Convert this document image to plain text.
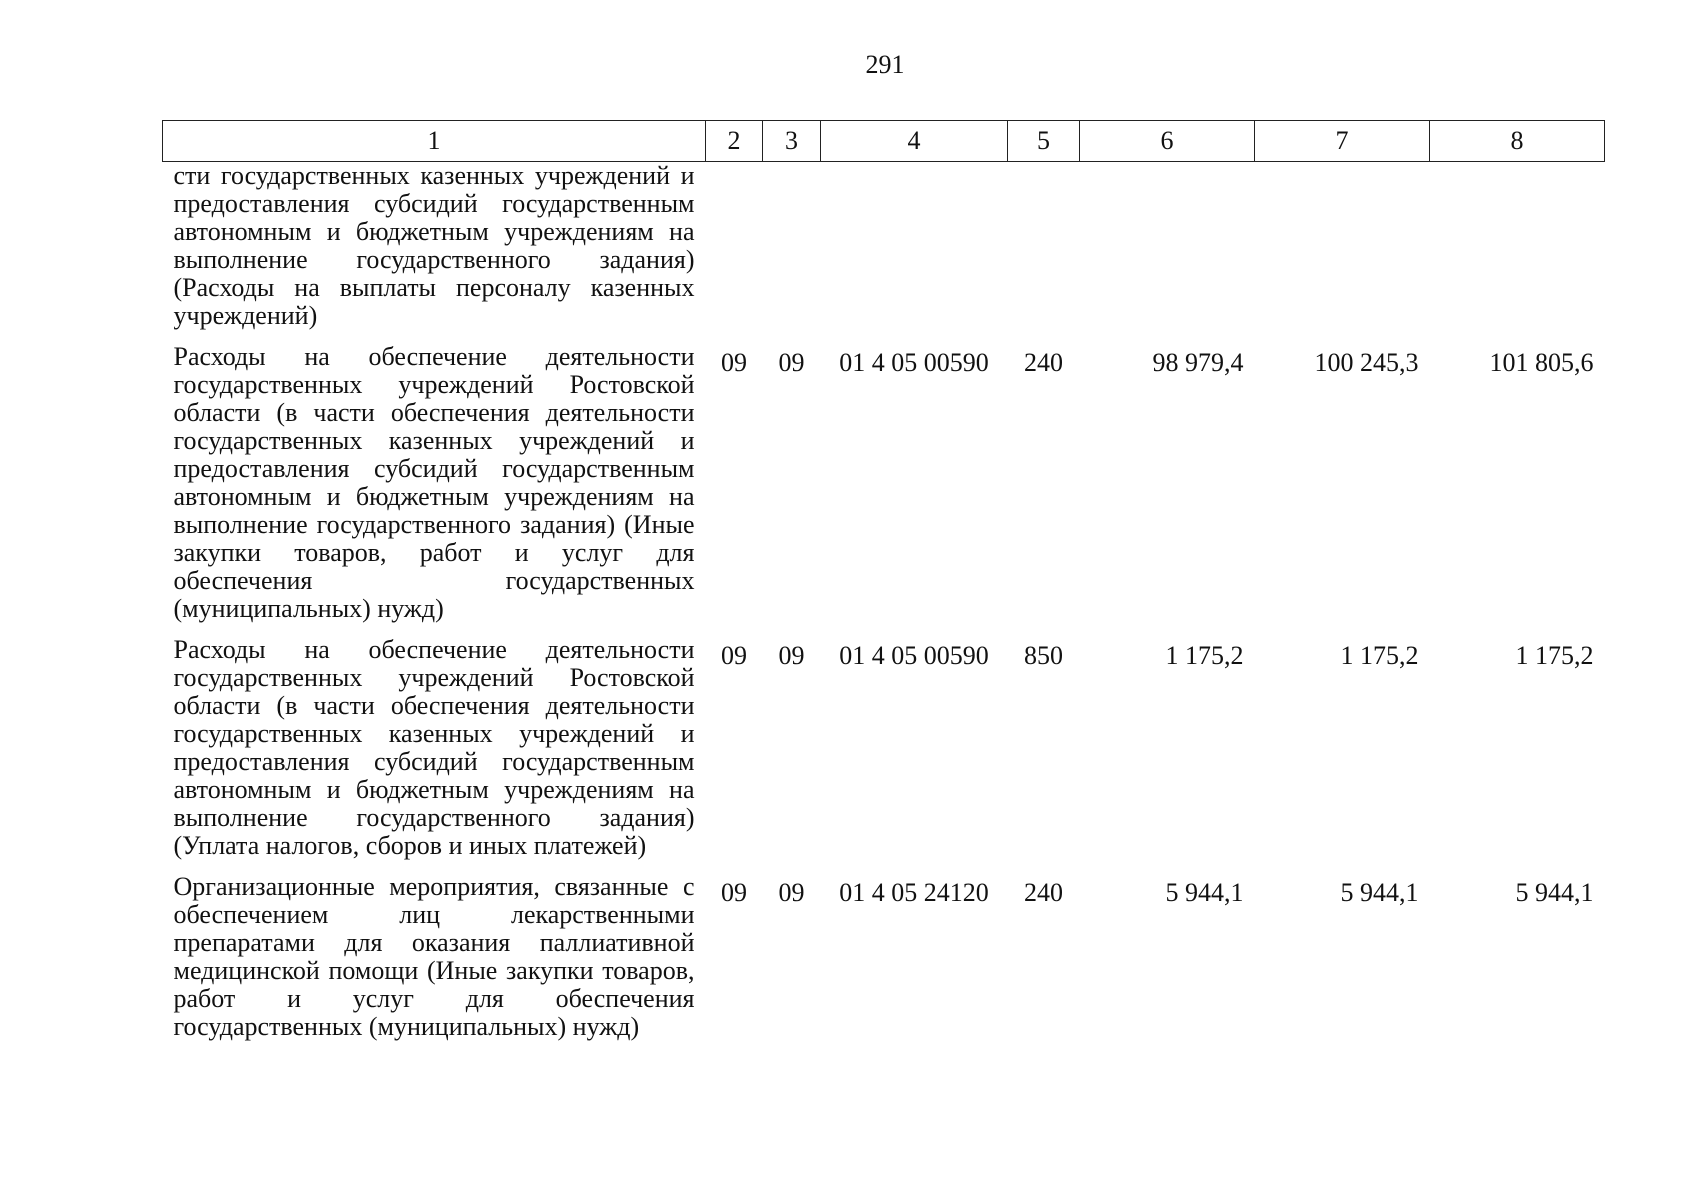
291
1	2	3	4	5	6	7	8
сти государственных казенных учреждений и предоставления субсидий государственным автономным и бюджетным учреждениям на выполнение государственного задания) (Расходы на выплаты персоналу казенных учреждений)							
Расходы на обеспечение деятельности государственных учреждений Ростовской области (в части обеспечения деятельности государственных казенных учреждений и предоставления субсидий государственным автономным и бюджетным учреждениям на выполнение государственного задания) (Иные закупки товаров, работ и услуг для обеспечения государственных (муниципальных) нужд)	09	09	01 4 05 00590	240	98 979,4	100 245,3	101 805,6
Расходы на обеспечение деятельности государственных учреждений Ростовской области (в части обеспечения деятельности государственных казенных учреждений и предоставления субсидий государственным автономным и бюджетным учреждениям на выполнение государственного задания) (Уплата налогов, сборов и иных платежей)	09	09	01 4 05 00590	850	1 175,2	1 175,2	1 175,2
Организационные мероприятия, связанные с обеспечением лиц лекарственными препаратами для оказания паллиативной медицинской помощи (Иные закупки товаров, работ и услуг для обеспечения государственных (муниципальных) нужд)	09	09	01 4 05 24120	240	5 944,1	5 944,1	5 944,1
